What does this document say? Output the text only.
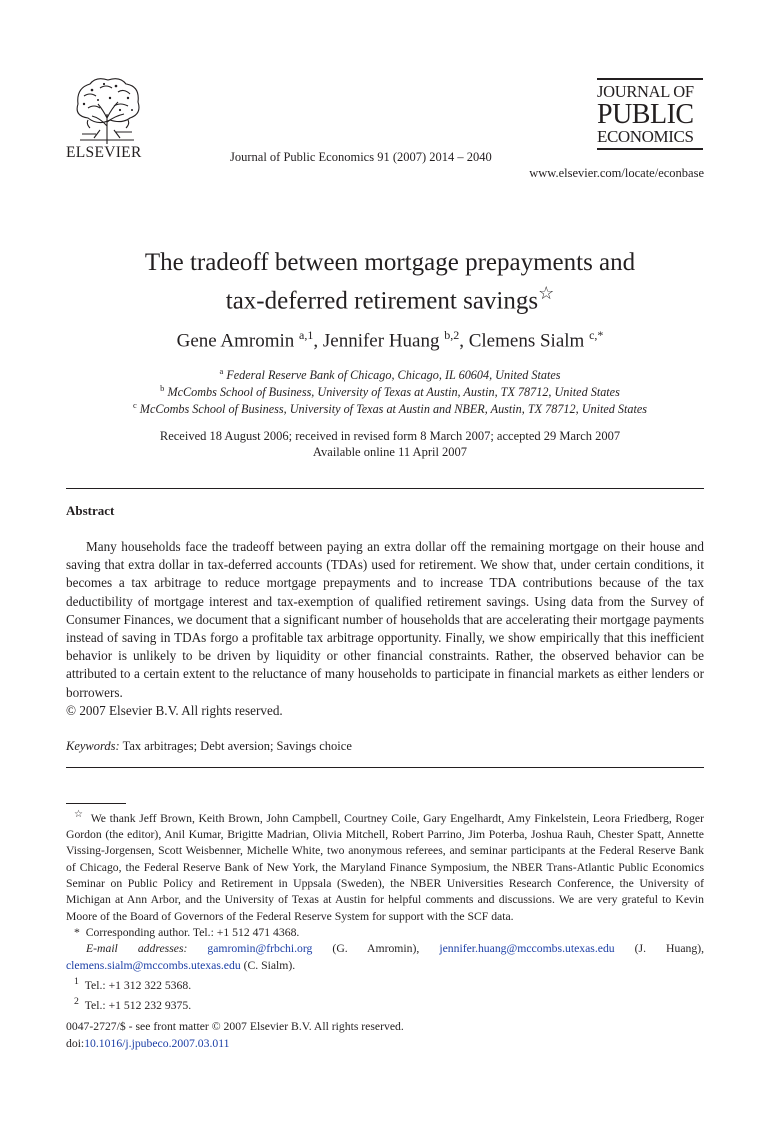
ELSEVIER	Journal of Public Economics 91 (2007) 2014 – 2040
JOURNAL OF
PUBLIC
ECONOMICS
www.elsevier.com/locate/econbase
The tradeoff between mortgage prepayments and
tax-deferred retirement savings☆
Gene Amromin $^{a,1}$, Jennifer Huang $^{b,2}$, Clemens Sialm $^{c,*}$
$^a$ Federal Reserve Bank of Chicago, Chicago, IL 60604, United States
$^b$ McCombs School of Business, University of Texas at Austin, Austin, TX 78712, United States
$^c$ McCombs School of Business, University of Texas at Austin and NBER, Austin, TX 78712, United States
Received 18 August 2006; received in revised form 8 March 2007; accepted 29 March 2007
Available online 11 April 2007
Abstract

Many households face the tradeoff between paying an extra dollar off the remaining mortgage on their house and saving that extra dollar in tax-deferred accounts (TDAs) used for retirement. We show that, under certain conditions, it becomes a tax arbitrage to reduce mortgage prepayments and to increase TDA contributions because of the tax deductibility of mortgage interest and tax-exemption of qualified retirement savings. Using data from the Survey of Consumer Finances, we document that a significant number of households that are accelerating their mortgage payments instead of saving in TDAs forgo a profitable tax arbitrage opportunity. Finally, we show empirically that this inefficient behavior is unlikely to be driven by liquidity or other financial constraints. Rather, the observed behavior can be attributed to a certain extent to the reluctance of many households to participate in financial markets as either lenders or borrowers.

© 2007 Elsevier B.V. All rights reserved.
Keywords: Tax arbitrages; Debt aversion; Savings choice

☆ We thank Jeff Brown, Keith Brown, John Campbell, Courtney Coile, Gary Engelhardt, Amy Finkelstein, Leora Friedberg, Roger Gordon (the editor), Anil Kumar, Brigitte Madrian, Olivia Mitchell, Robert Parrino, Jim Poterba, Joshua Rauh, Chester Spatt, Annette Vissing-Jorgensen, Scott Weisbenner, Michelle White, two anonymous referees, and seminar participants at the Federal Reserve Bank of Chicago, the Federal Reserve Bank of New York, the Maryland Finance Symposium, the NBER Trans-Atlantic Public Economics Seminar on Public Policy and Retirement in Uppsala (Sweden), the NBER Universities Research Conference, the University of Michigan at Ann Arbor, and the University of Texas at Austin for helpful comments and discussions. We are very grateful to Kevin Moore of the Board of Governors of the Federal Reserve System for support with the SCF data.

* Corresponding author. Tel.: +1 512 471 4368.

E-mail addresses: gamromin@frbchi.org (G. Amromin), jennifer.huang@mccombs.utexas.edu (J. Huang), clemens.sialm@mccombs.utexas.edu (C. Sialm).

$^1$ Tel.: +1 312 322 5368.

$^2$ Tel.: +1 512 232 9375.

0047-2727/$ - see front matter © 2007 Elsevier B.V. All rights reserved.
doi:10.1016/j.jpubeco.2007.03.011
